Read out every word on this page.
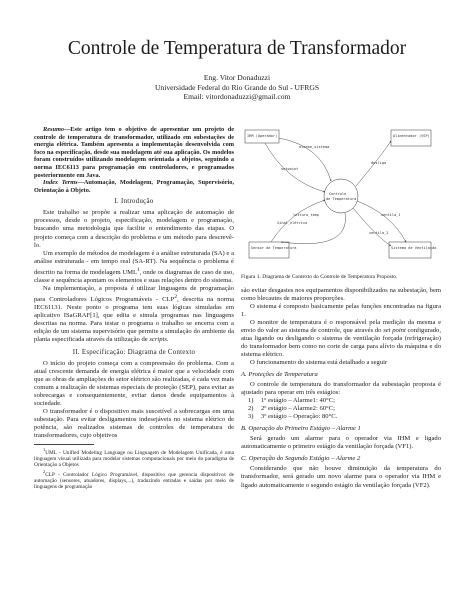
Controle de Temperatura de Transformador
Eng. Vitor Donaduzzi
Universidade Federal do Rio Grande do Sul - UFRGS
Email: vitordonaduzzi@gmail.com

Resumo—Este artigo tem o objetivo de apresentar um projeto de controle de temperatura de transformador, utilizado em subestações de energia elétrica. Também apresenta a implementação desenvolvida com foco na especificação, desde sua modelagem até sua aplicação. Os modelos foram construídos utilizando modelagem orientada a objetos, seguindo a norma IEC6113 para programação em controladores, e programados posteriormente em Java.

Index Terms—Automação, Modelagem, Programação, Supervisório, Orientação à Objeto.

I. Introdução

Este trabalho se propõe a realizar uma aplicação de automação de processos, desde o projeto, especificação, modelagem e programação, buscando uma metodologia que facilite o entendimento das etapas. O projeto começa com a descrição do problema e um método para descrevê-lo.

Um exemplo de métodos de modelagem é a análise estruturada (SA) e a análise estruturada - em tempo real (SA-RT). Na sequência o problema é descrito na forma de modelagem UML$^1$, onde os diagramas de caso de uso, classe e sequência apontam os elementos e suas relações dentro do sistema.

Na implementação, a proposta é utilizar linguagens de programação para Controladores Lógicos Programáveis - CLP$^2$, descrita na norma IEC61131. Neste ponto o programa tem suas lógicas simuladas em aplicativo ISaGRAF[1], que edita e simula programas nas linguagens descritas na norma. Para testar o programa o trabalho se encerra com a edição de um sistema supervisório que permite a simulação do ambiente da planta especificada através da utilização de scripts.

II. Especificação: Diagrama de Contexto

O início do projeto começa com a compreensão do problema. Com a atual crescente demanda de energia elétrica é maior que a velocidade com que as obras de ampliações do setor elétrico são realizadas, é cada vez mais comum a realização de sistemas especiais de proteção (SEP), para evitar as sobrecargas e consequentemente, evitar danos desde equipamentos à sociedade.

O transformador é o dispositivo mais suscetível a sobrecargas em uma subestação. Para evitar desligamentos indesejáveis no sistema elétrico de potência, são realizados sistemas de controles de temperatura de transformadores, cujo objetivos

$^1$UML - Unified Modeling Language ou Linguagem de Modelagem Unificada, é uma linguagem visual utilizada para modelar sistemas computacionais por meio do paradigma de Orientação a Objetos

$^2$CLP - Controlador Lógico Programável, dispositivo que gerencia dispositivos de automação (sensores, atuadores, displays,...), traduzindo entradas e saídas por meio de linguagens de programação

IHM (Operador)	Alimentador (VSP)
Sensor de Temperatura	Sistema de Ventilação
Controle
de Temperatura
alarme_sistema
setpoint
desliga
Sinal_elétrico
leitura_temp	ventila_1
ventila_2

Figura 1. Diagrama de Contexto do Controle de Temperatura Proposto.

são evitar desgastes nos equipamentos disponibilizados na subestação, bem como blecautes de maiores proporções.

O sistema é composto basicamente pelas funções encontradas na figura 1.

O monitor de temperatura é o responsável pela medição da mesma e envio do valor ao sistema de controle, que através do set point configurado, atua ligando ou desligando o sistema de ventilação forçada (refrigeração) do transformador bem como no corte de carga para alívio da máquina e do sistema elétrico.

O funcionamento do sistema está detalhado a seguir

A. Proteções de Temperatura

O controle de temperatura do transformador da subestação proposta é ajustado para operar em três estágios:

1) 1º estágio – Alarme1: 40°C;

2) 2º estágio – Alarme2: 60°C;

3) 3º estágio – Operação: 80°C.

B. Operação do Primeiro Estágio – Alarme 1

Será gerado um alarme para o operador via IHM e ligado automaticamente o primeiro estágio da ventilação forçada (VF1).

C. Operação do Segundo Estágio – Alarme 2

Considerando que não houve diminuição da temperatura do transformador, será gerado um novo alarme para o operador via IHM e ligado automaticamente o segundo estágio da ventilação forçada (VF2).
